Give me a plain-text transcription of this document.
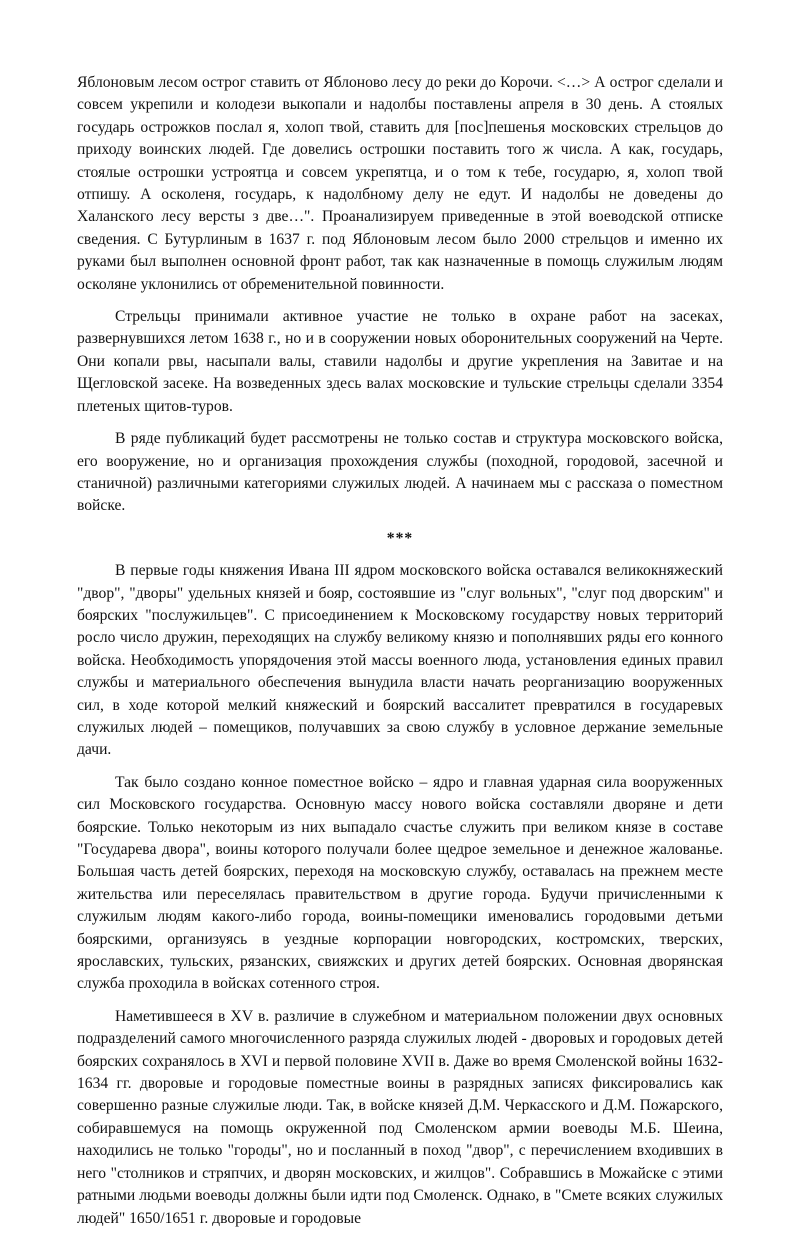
Яблоновым лесом острог ставить от Яблоново лесу до реки до Корочи. <…> А острог сделали и совсем укрепили и колодези выкопали и надолбы поставлены апреля в 30 день. А стоялых государь острожков послал я, холоп твой, ставить для [пос]пешенья московских стрельцов до приходу воинских людей. Где довелись острошки поставить того ж числа. А как, государь, стоялые острошки устроятца и совсем укрепятца, и о том к тебе, государю, я, холоп твой отпишу. А осколеня, государь, к надолбному делу не едут. И надолбы не доведены до Халанского лесу версты з две…". Проанализируем приведенные в этой воеводской отписке сведения. С Бутурлиным в 1637 г. под Яблоновым лесом было 2000 стрельцов и именно их руками был выполнен основной фронт работ, так как назначенные в помощь служилым людям осколяне уклонились от обременительной повинности.

Стрельцы принимали активное участие не только в охране работ на засеках, развернувшихся летом 1638 г., но и в сооружении новых оборонительных сооружений на Черте. Они копали рвы, насыпали валы, ставили надолбы и другие укрепления на Завитае и на Щегловской засеке. На возведенных здесь валах московские и тульские стрельцы сделали 3354 плетеных щитов-туров.

В ряде публикаций будет рассмотрены не только состав и структура московского войска, его вооружение, но и организация прохождения службы (походной, городовой, засечной и станичной) различными категориями служилых людей. А начинаем мы с рассказа о поместном войске.

***

В первые годы княжения Ивана III ядром московского войска оставался великокняжеский "двор", "дворы" удельных князей и бояр, состоявшие из "слуг вольных", "слуг под дворским" и боярских "послужильцев". С присоединением к Московскому государству новых территорий росло число дружин, переходящих на службу великому князю и пополнявших ряды его конного войска. Необходимость упорядочения этой массы военного люда, установления единых правил службы и материального обеспечения вынудила власти начать реорганизацию вооруженных сил, в ходе которой мелкий княжеский и боярский вассалитет превратился в государевых служилых людей – помещиков, получавших за свою службу в условное держание земельные дачи.

Так было создано конное поместное войско – ядро и главная ударная сила вооруженных сил Московского государства. Основную массу нового войска составляли дворяне и дети боярские. Только некоторым из них выпадало счастье служить при великом князе в составе "Государева двора", воины которого получали более щедрое земельное и денежное жалованье. Большая часть детей боярских, переходя на московскую службу, оставалась на прежнем месте жительства или переселялась правительством в другие города. Будучи причисленными к служилым людям какого-либо города, воины-помещики именовались городовыми детьми боярскими, организуясь в уездные корпорации новгородских, костромских, тверских, ярославских, тульских, рязанских, свияжских и других детей боярских. Основная дворянская служба проходила в войсках сотенного строя.

Наметившееся в XV в. различие в служебном и материальном положении двух основных подразделений самого многочисленного разряда служилых людей - дворовых и городовых детей боярских сохранялось в XVI и первой половине XVII в. Даже во время Смоленской войны 1632-1634 гг. дворовые и городовые поместные воины в разрядных записях фиксировались как совершенно разные служилые люди. Так, в войске князей Д.М. Черкасского и Д.М. Пожарского, собиравшемуся на помощь окруженной под Смоленском армии воеводы М.Б. Шеина, находились не только "городы", но и посланный в поход "двор", с перечислением входивших в него "столников и стряпчих, и дворян московских, и жилцов". Собравшись в Можайске с этими ратными людьми воеводы должны были идти под Смоленск. Однако, в "Смете всяких служилых людей" 1650/1651 г. дворовые и городовые
